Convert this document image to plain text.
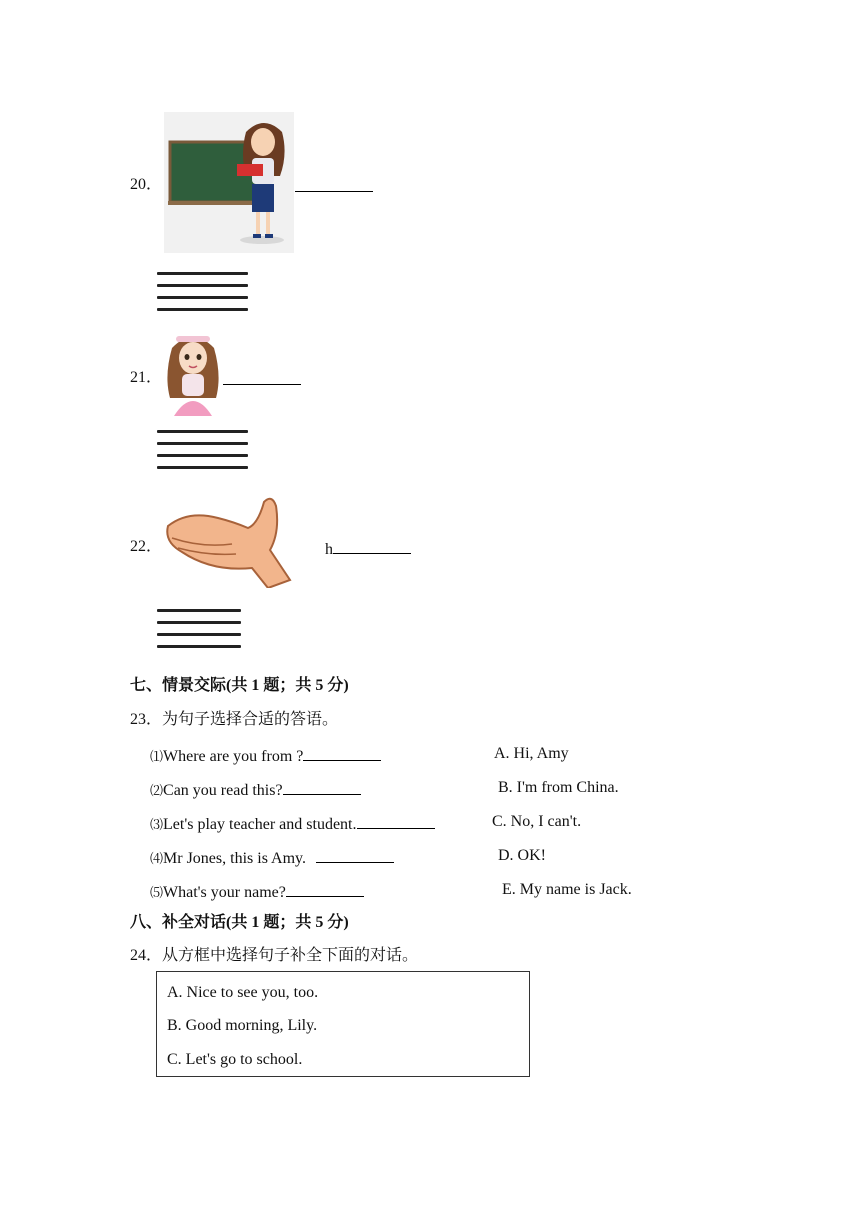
20．
21．
22．	h
七、情景交际(共 1 题；共 5 分)
23．为句子选择合适的答语。
⑴Where are you from ?	A. Hi, Amy
⑵Can you read this?	B. I'm from China.
⑶Let's play teacher and student.	C. No, I can't.
⑷Mr Jones, this is Amy.	D. OK!
⑸What's your name?	E. My name is Jack.
八、补全对话(共 1 题；共 5 分)
24．从方框中选择句子补全下面的对话。
A. Nice to see you, too.
B. Good morning, Lily.
C. Let's go to school.
